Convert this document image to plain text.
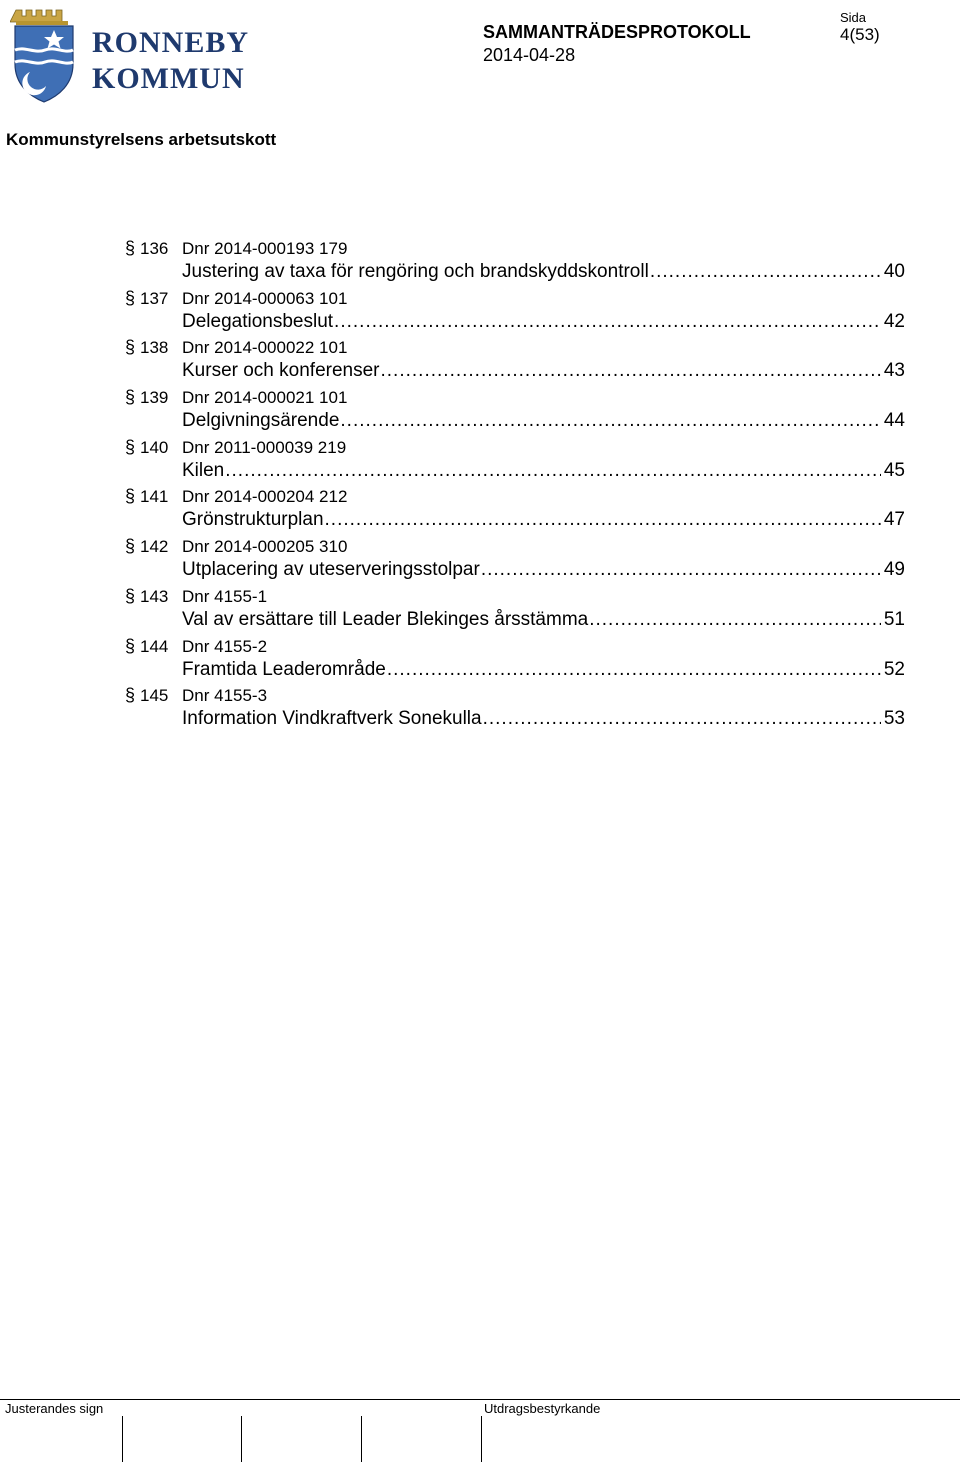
RONNEBY
KOMMUN
SAMMANTRÄDESPROTOKOLL
2014-04-28
Sida
4(53)
Kommunstyrelsens arbetsutskott
§ 136 Dnr 2014-000193 179
Justering av taxa för rengöring och brandskyddskontroll .....	40
§ 137 Dnr 2014-000063 101
Delegationsbeslut .....	42
§ 138 Dnr 2014-000022 101
Kurser och konferenser .....	43
§ 139 Dnr 2014-000021 101
Delgivningsärende .....	44
§ 140 Dnr 2011-000039 219
Kilen .....	45
§ 141 Dnr 2014-000204 212
Grönstrukturplan .....	47
§ 142 Dnr 2014-000205 310
Utplacering av uteserveringsstolpar .....	49
§ 143 Dnr 4155-1
Val av ersättare till Leader Blekinges årsstämma .....	51
§ 144 Dnr 4155-2
Framtida Leaderområde .....	52
§ 145 Dnr 4155-3
Information Vindkraftverk Sonekulla .....	53
Justerandes sign	Utdragsbestyrkande
